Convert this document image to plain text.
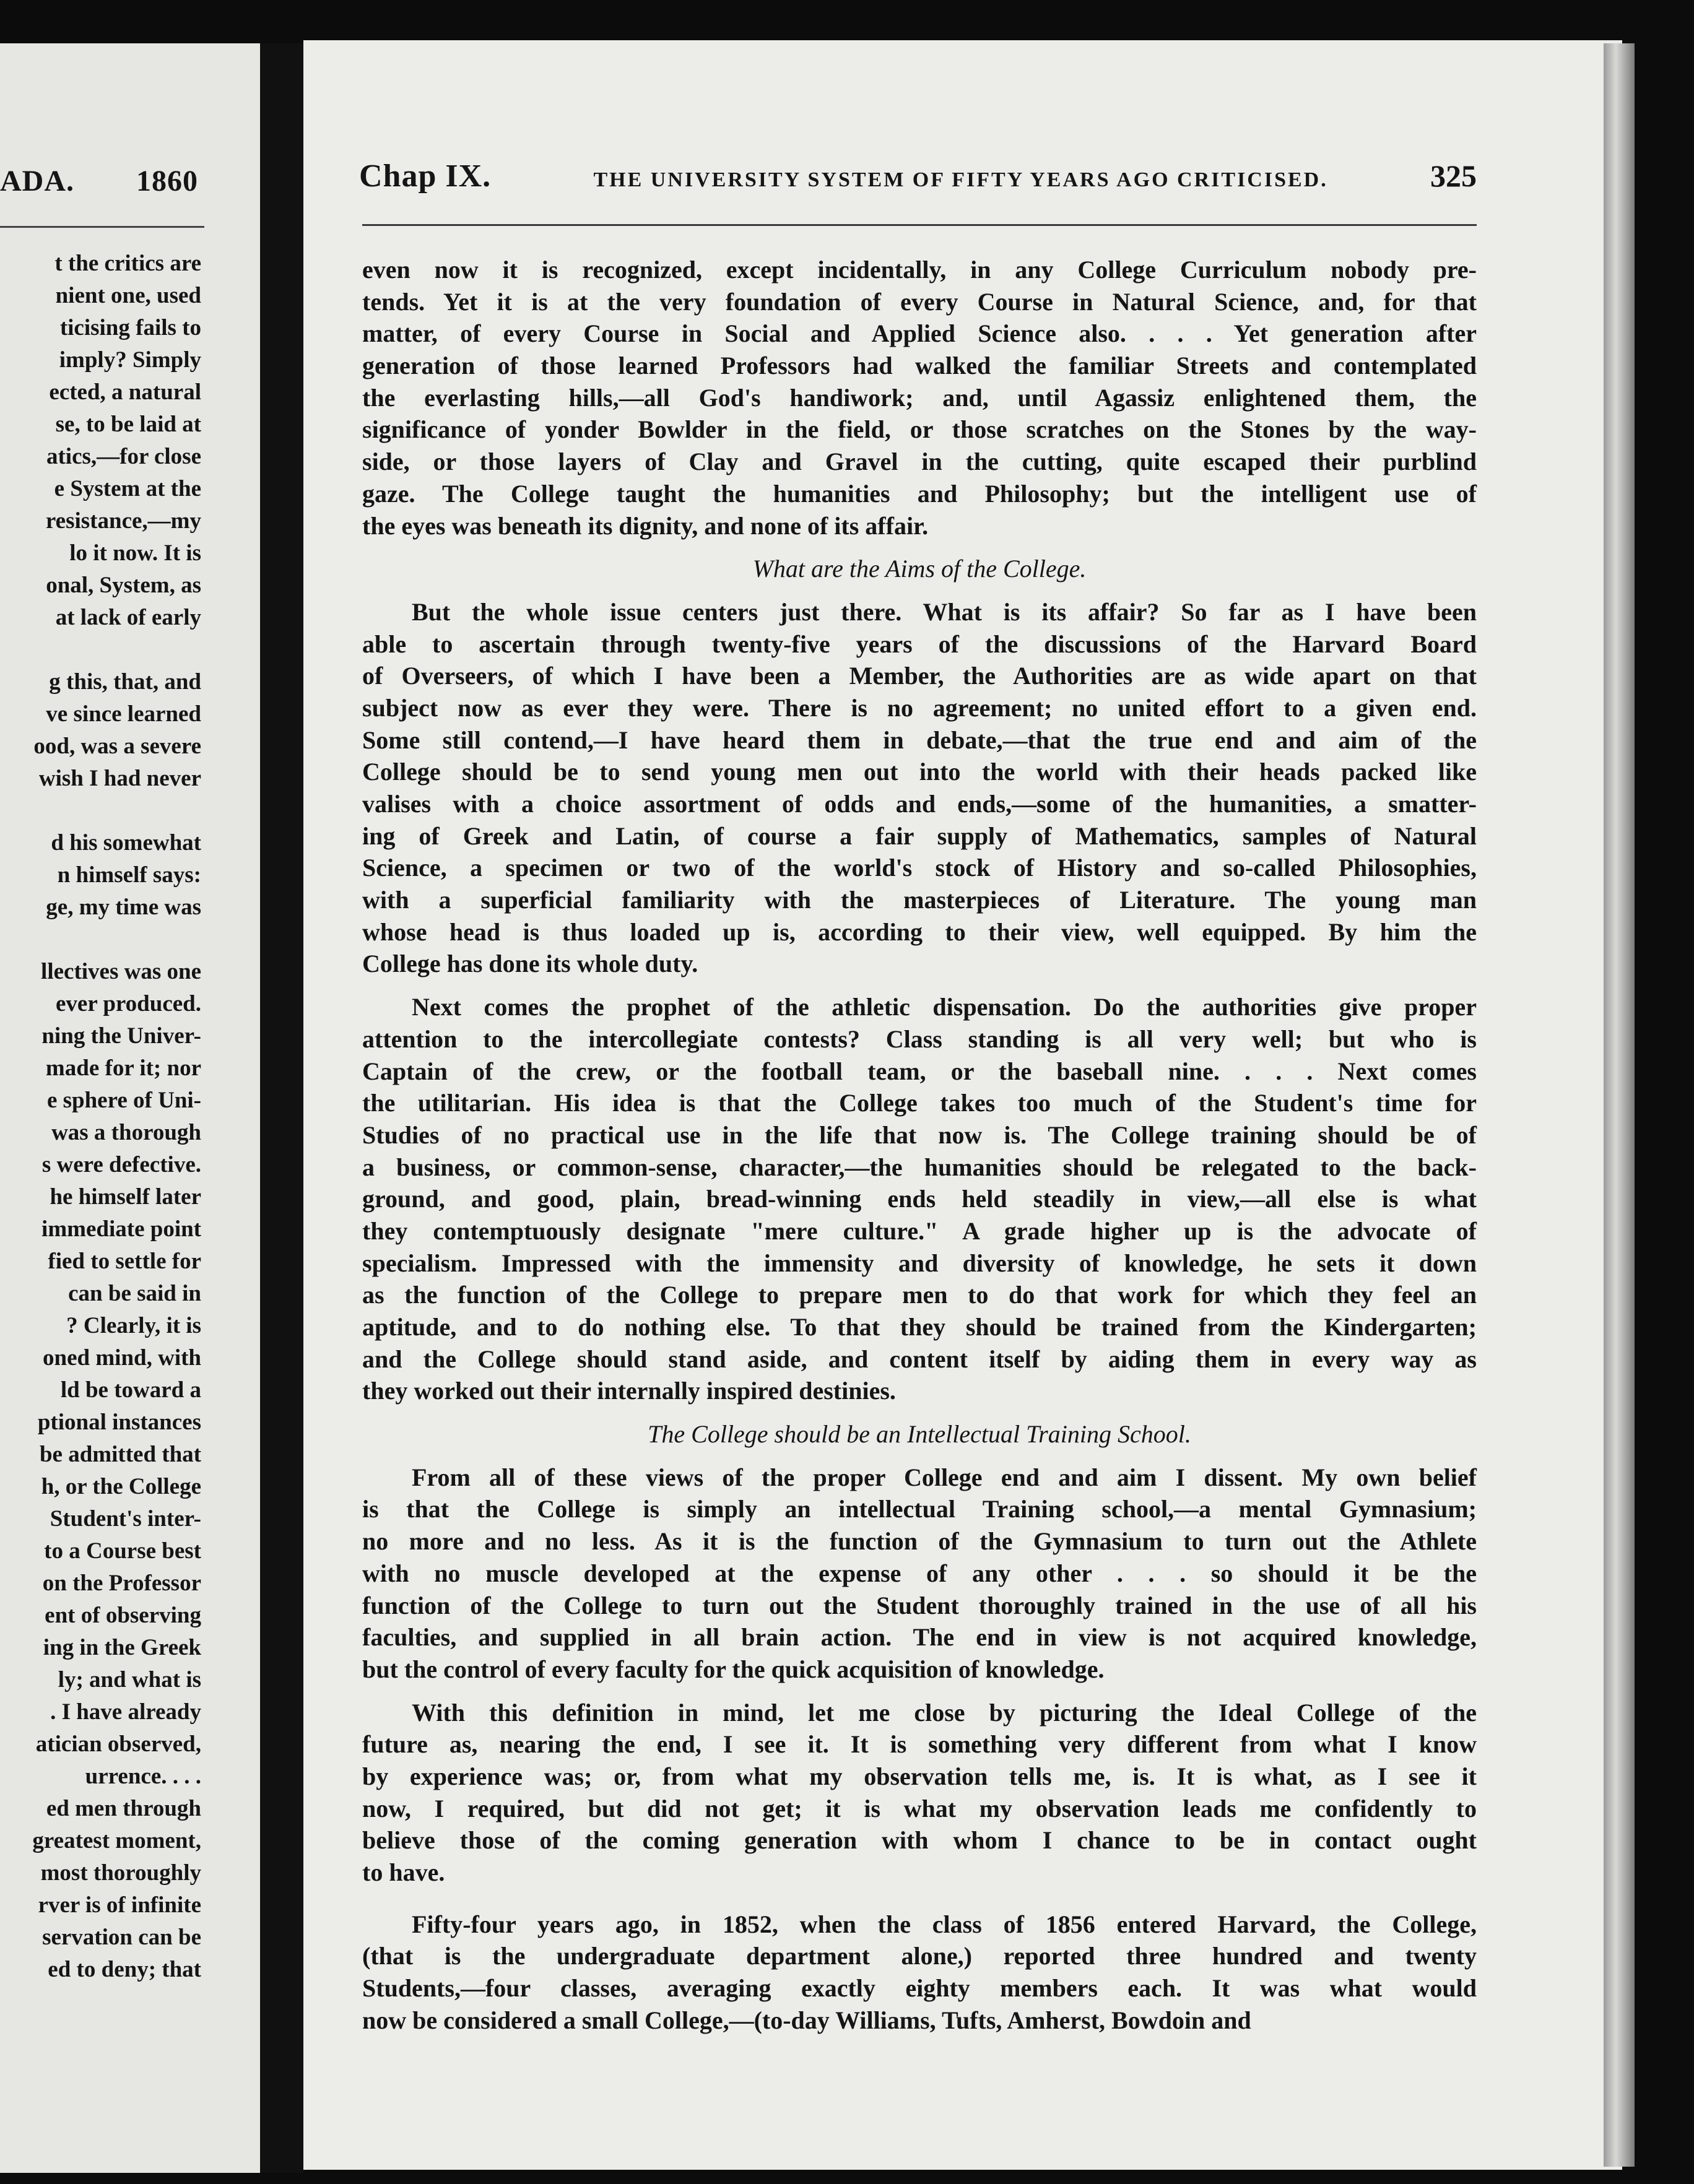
ADA. 1860
t the critics are
nient one, used
ticising fails to
imply? Simply
ected, a natural
se, to be laid at
atics,—for close
e System at the
resistance,—my
lo it now. It is
onal, System, as
at lack of early
g this, that, and
ve since learned
ood, was a severe
wish I had never
d his somewhat
n himself says:
ge, my time was
llectives was one
ever produced.
ning the Univer-
made for it; nor
e sphere of Uni-
was a thorough
s were defective.
he himself later
immediate point
fied to settle for
can be said in
? Clearly, it is
oned mind, with
ld be toward a
ptional instances
be admitted that
h, or the College
Student's inter-
to a Course best
on the Professor
ent of observing
ing in the Greek
ly; and what is
. I have already
atician observed,
urrence. . . .
ed men through
greatest moment,
most thoroughly
rver is of infinite
servation can be
ed to deny; that
Chap IX.	THE UNIVERSITY SYSTEM OF FIFTY YEARS AGO CRITICISED.	325
even now it is recognized, except incidentally, in any College Curriculum nobody pre-
tends. Yet it is at the very foundation of every Course in Natural Science, and, for that
matter, of every Course in Social and Applied Science also. . . . Yet generation after
generation of those learned Professors had walked the familiar Streets and contemplated
the everlasting hills,—all God's handiwork; and, until Agassiz enlightened them, the
significance of yonder Bowlder in the field, or those scratches on the Stones by the way-
side, or those layers of Clay and Gravel in the cutting, quite escaped their purblind
gaze. The College taught the humanities and Philosophy; but the intelligent use of
the eyes was beneath its dignity, and none of its affair.
What are the Aims of the College.
But the whole issue centers just there. What is its affair? So far as I have been
able to ascertain through twenty-five years of the discussions of the Harvard Board
of Overseers, of which I have been a Member, the Authorities are as wide apart on that
subject now as ever they were. There is no agreement; no united effort to a given end.
Some still contend,—I have heard them in debate,—that the true end and aim of the
College should be to send young men out into the world with their heads packed like
valises with a choice assortment of odds and ends,—some of the humanities, a smatter-
ing of Greek and Latin, of course a fair supply of Mathematics, samples of Natural
Science, a specimen or two of the world's stock of History and so-called Philosophies,
with a superficial familiarity with the masterpieces of Literature. The young man
whose head is thus loaded up is, according to their view, well equipped. By him the
College has done its whole duty.
Next comes the prophet of the athletic dispensation. Do the authorities give proper
attention to the intercollegiate contests? Class standing is all very well; but who is
Captain of the crew, or the football team, or the baseball nine. . . . Next comes
the utilitarian. His idea is that the College takes too much of the Student's time for
Studies of no practical use in the life that now is. The College training should be of
a business, or common-sense, character,—the humanities should be relegated to the back-
ground, and good, plain, bread-winning ends held steadily in view,—all else is what
they contemptuously designate "mere culture." A grade higher up is the advocate of
specialism. Impressed with the immensity and diversity of knowledge, he sets it down
as the function of the College to prepare men to do that work for which they feel an
aptitude, and to do nothing else. To that they should be trained from the Kindergarten;
and the College should stand aside, and content itself by aiding them in every way as
they worked out their internally inspired destinies.
The College should be an Intellectual Training School.
From all of these views of the proper College end and aim I dissent. My own belief
is that the College is simply an intellectual Training school,—a mental Gymnasium;
no more and no less. As it is the function of the Gymnasium to turn out the Athlete
with no muscle developed at the expense of any other . . . so should it be the
function of the College to turn out the Student thoroughly trained in the use of all his
faculties, and supplied in all brain action. The end in view is not acquired knowledge,
but the control of every faculty for the quick acquisition of knowledge.
With this definition in mind, let me close by picturing the Ideal College of the
future as, nearing the end, I see it. It is something very different from what I know
by experience was; or, from what my observation tells me, is. It is what, as I see it
now, I required, but did not get; it is what my observation leads me confidently to
believe those of the coming generation with whom I chance to be in contact ought
to have.
Fifty-four years ago, in 1852, when the class of 1856 entered Harvard, the College,
(that is the undergraduate department alone,) reported three hundred and twenty
Students,—four classes, averaging exactly eighty members each. It was what would
now be considered a small College,—(to-day Williams, Tufts, Amherst, Bowdoin and
